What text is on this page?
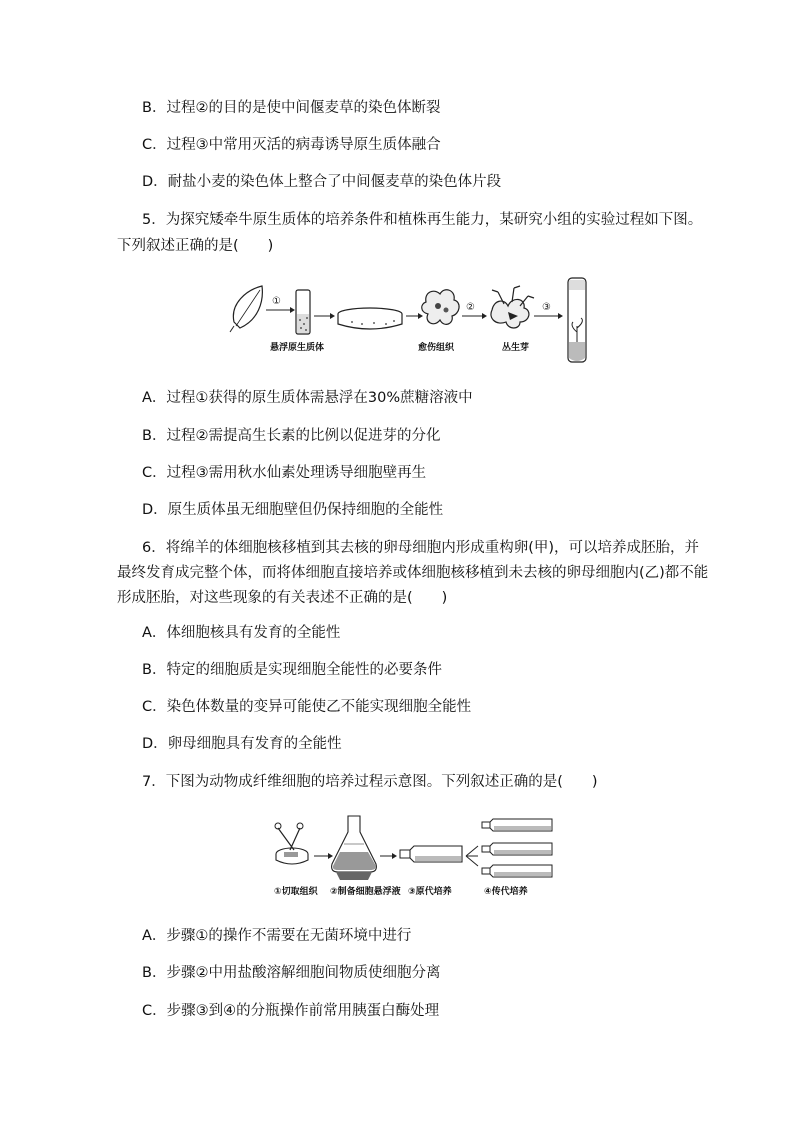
B．过程②的目的是使中间偃麦草的染色体断裂
C．过程③中常用灭活的病毒诱导原生质体融合
D．耐盐小麦的染色体上整合了中间偃麦草的染色体片段
5．为探究矮牵牛原生质体的培养条件和植株再生能力，某研究小组的实验过程如下图。
下列叙述正确的是(　　)
①
悬浮原生质体	愈伤组织
②
丛生芽
③
A．过程①获得的原生质体需悬浮在30%蔗糖溶液中
B．过程②需提高生长素的比例以促进芽的分化
C．过程③需用秋水仙素处理诱导细胞壁再生
D．原生质体虽无细胞壁但仍保持细胞的全能性
6．将绵羊的体细胞核移植到其去核的卵母细胞内形成重构卵(甲)，可以培养成胚胎，并
最终发育成完整个体，而将体细胞直接培养或体细胞核移植到未去核的卵母细胞内(乙)都不能
形成胚胎，对这些现象的有关表述不正确的是(　　)
A．体细胞核具有发育的全能性
B．特定的细胞质是实现细胞全能性的必要条件
C．染色体数量的变异可能使乙不能实现细胞全能性
D．卵母细胞具有发育的全能性
7．下图为动物成纤维细胞的培养过程示意图。下列叙述正确的是(　　)
①切取组织 ②制备细胞悬浮液 ③原代培养	④传代培养
A．步骤①的操作不需要在无菌环境中进行
B．步骤②中用盐酸溶解细胞间物质使细胞分离
C．步骤③到④的分瓶操作前常用胰蛋白酶处理
